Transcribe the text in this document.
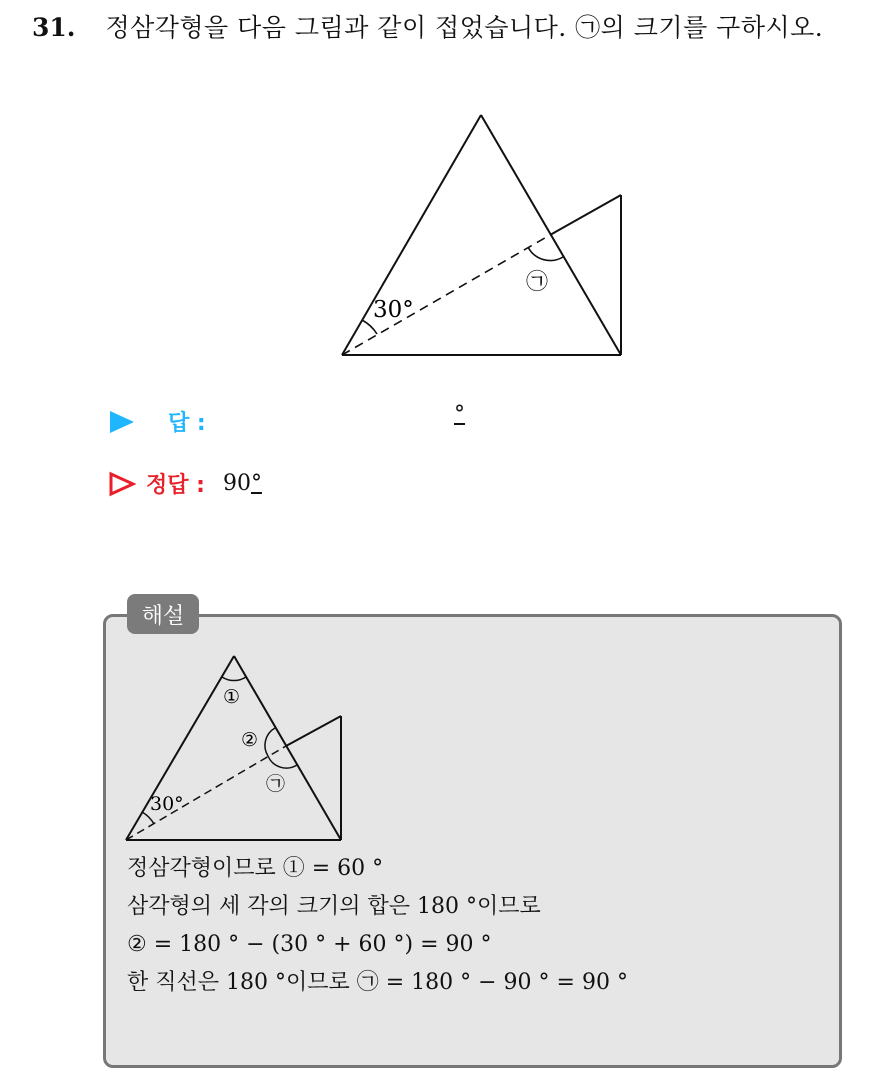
31. 정삼각형을 다음 그림과 같이 접었습니다. ㉠의 크기를 구하시오.
30°
㉠
답 :	°
정답 : 90°
해설
①
②
㉠
30°
정삼각형이므로 ① = 60 °
삼각형의 세 각의 크기의 합은 180 °이므로
② = 180 ° − (30 ° + 60 °) = 90 °
한 직선은 180 °이므로 ㉠ = 180 ° − 90 ° = 90 °
